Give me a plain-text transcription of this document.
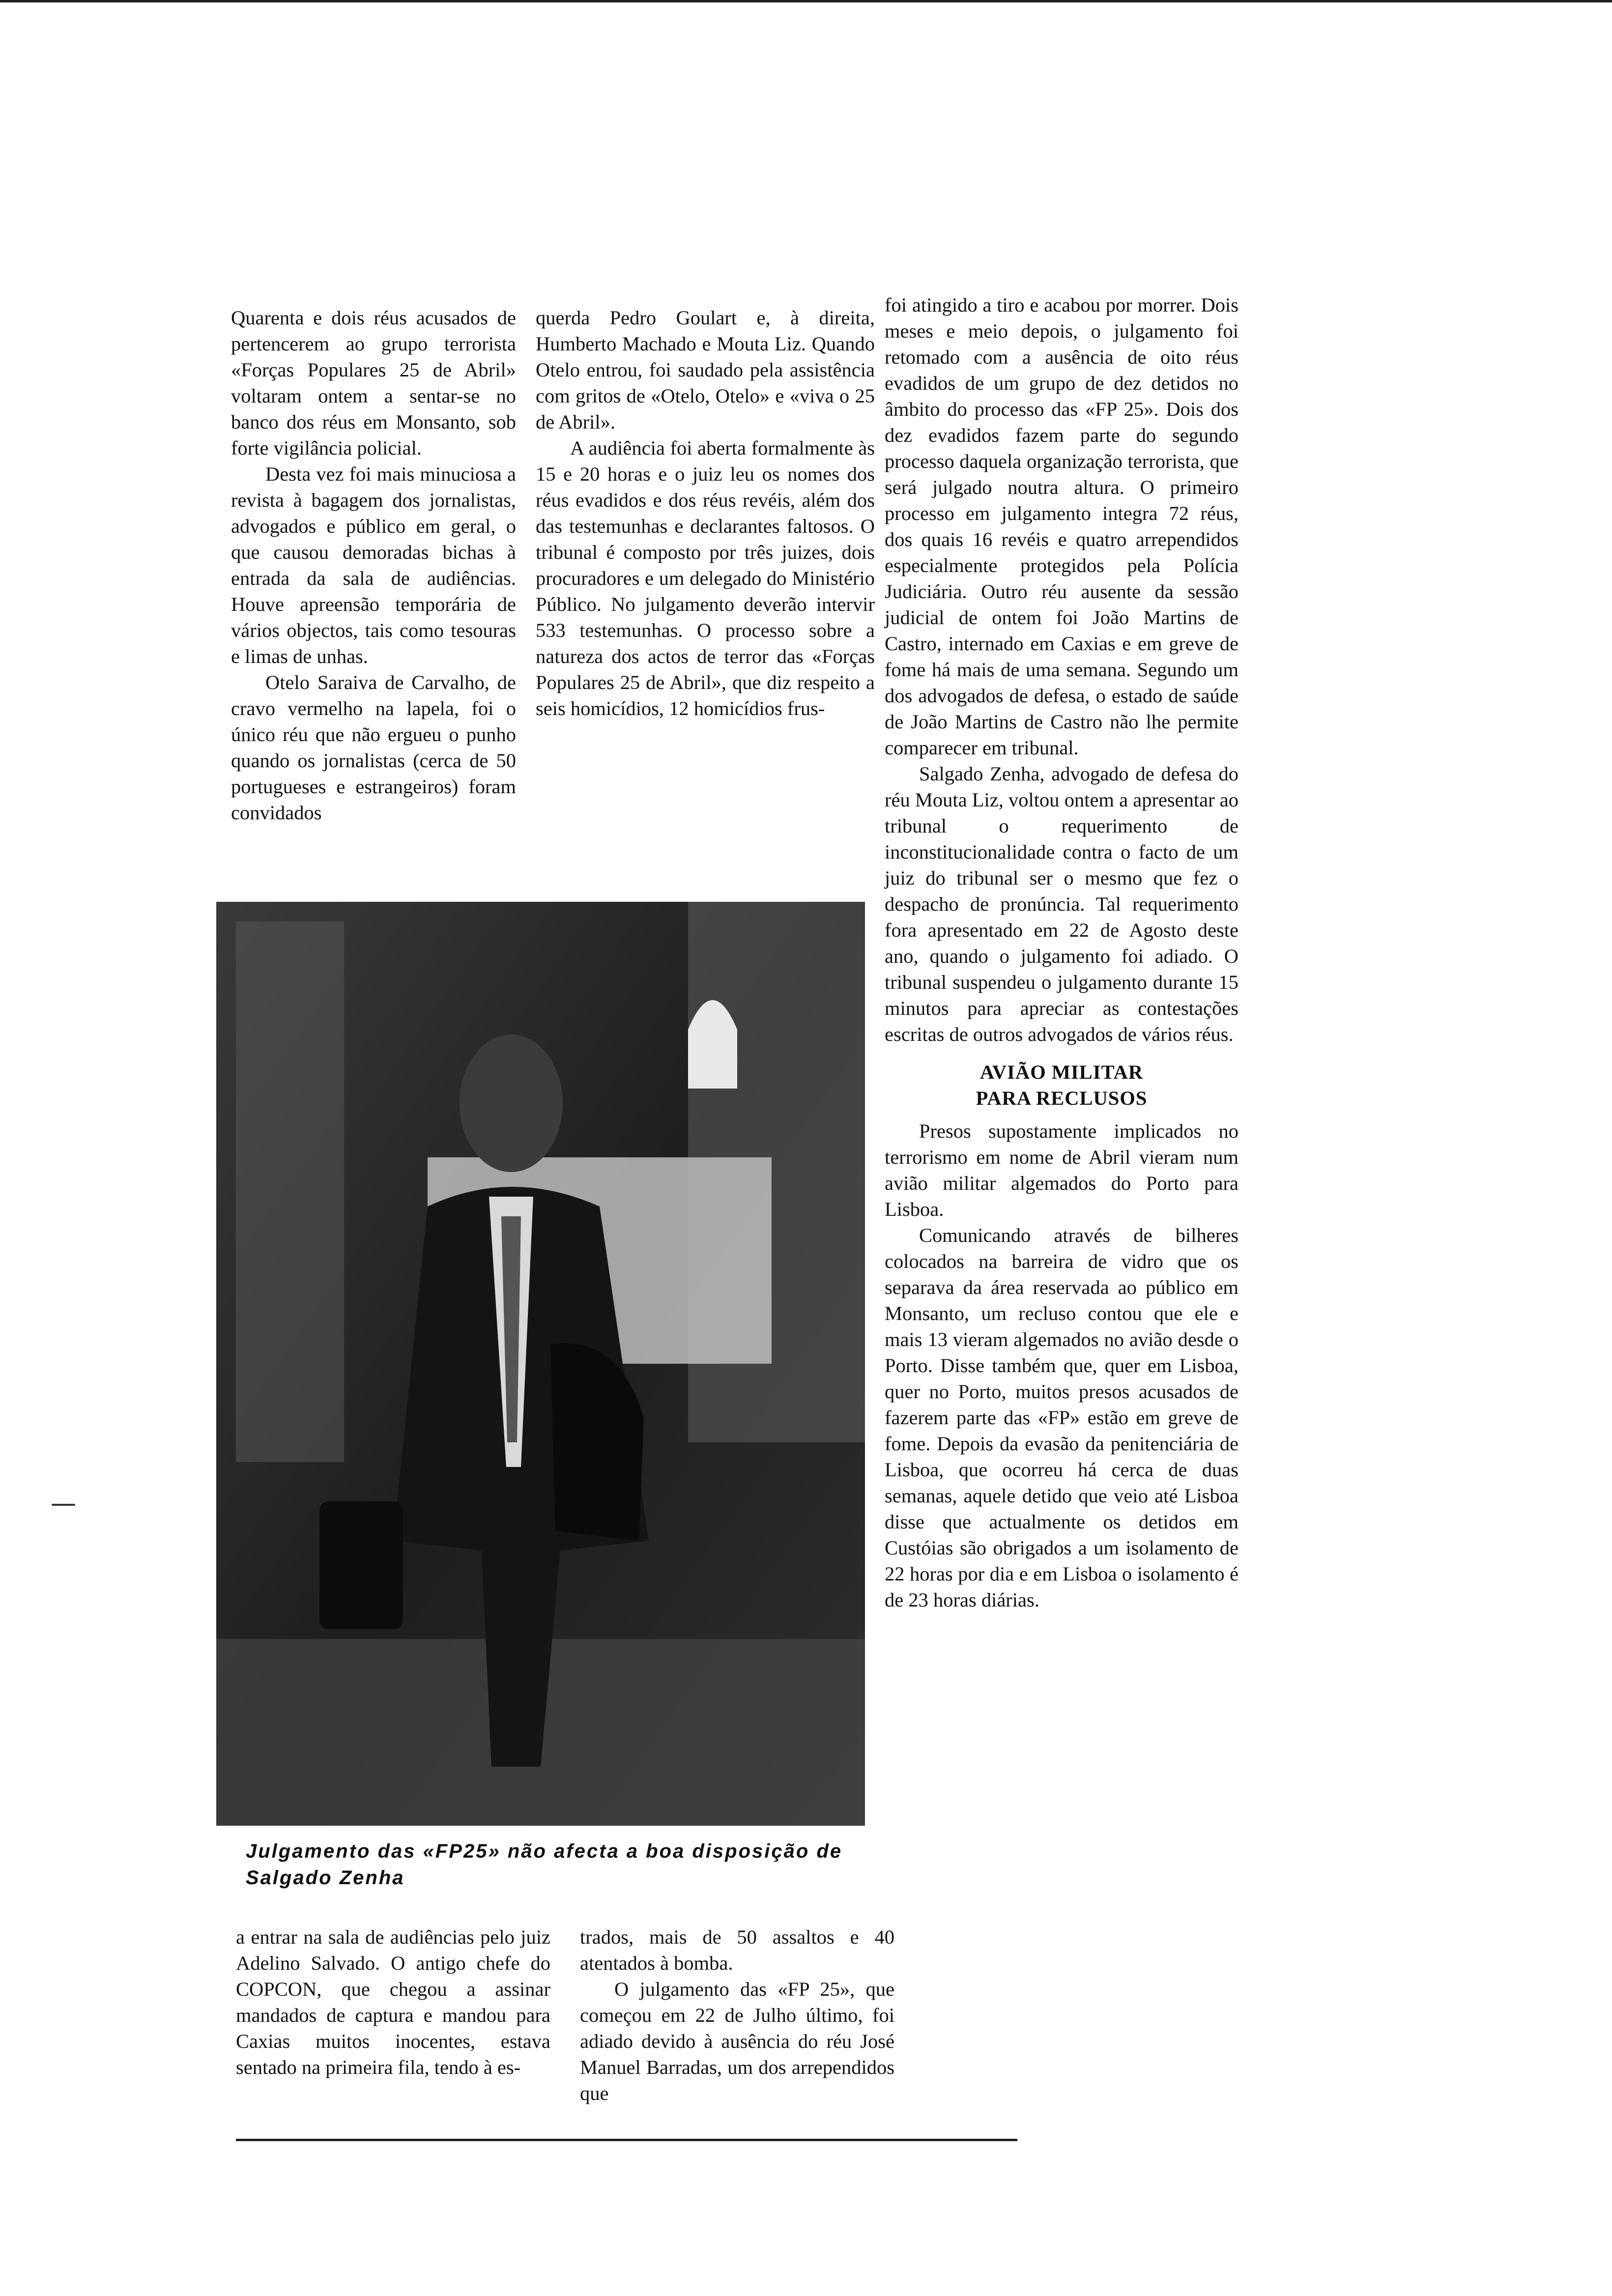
Quarenta e dois réus acusados de pertencerem ao grupo terrorista «Forças Populares 25 de Abril» voltaram ontem a sentar-se no banco dos réus em Monsanto, sob forte vigilância policial.

Desta vez foi mais minuciosa a revista à bagagem dos jornalistas, advogados e público em geral, o que causou demoradas bichas à entrada da sala de audiências. Houve apreensão temporária de vários objectos, tais como tesouras e limas de unhas.

Otelo Saraiva de Carvalho, de cravo vermelho na lapela, foi o único réu que não ergueu o punho quando os jornalistas (cerca de 50 portugueses e estrangeiros) foram convidados

querda Pedro Goulart e, à direita, Humberto Machado e Mouta Liz. Quando Otelo entrou, foi saudado pela assistência com gritos de «Otelo, Otelo» e «viva o 25 de Abril».

A audiência foi aberta formalmente às 15 e 20 horas e o juiz leu os nomes dos réus evadidos e dos réus revéis, além dos das testemunhas e declarantes faltosos. O tribunal é composto por três juizes, dois procuradores e um delegado do Ministério Público. No julgamento deverão intervir 533 testemunhas. O processo sobre a natureza dos actos de terror das «Forças Populares 25 de Abril», que diz respeito a seis homicídios, 12 homicídios frus-

foi atingido a tiro e acabou por morrer. Dois meses e meio depois, o julgamento foi retomado com a ausência de oito réus evadidos de um grupo de dez detidos no âmbito do processo das «FP 25». Dois dos dez evadidos fazem parte do segundo processo daquela organização terrorista, que será julgado noutra altura. O primeiro processo em julgamento integra 72 réus, dos quais 16 revéis e quatro arrependidos especialmente protegidos pela Polícia Judiciária. Outro réu ausente da sessão judicial de ontem foi João Martins de Castro, internado em Caxias e em greve de fome há mais de uma semana. Segundo um dos advogados de defesa, o estado de saúde de João Martins de Castro não lhe permite comparecer em tribunal.

Salgado Zenha, advogado de defesa do réu Mouta Liz, voltou ontem a apresentar ao tribunal o requerimento de inconstitucionalidade contra o facto de um juiz do tribunal ser o mesmo que fez o despacho de pronúncia. Tal requerimento fora apresentado em 22 de Agosto deste ano, quando o julgamento foi adiado. O tribunal suspendeu o julgamento durante 15 minutos para apreciar as contestações escritas de outros advogados de vários réus.

AVIÃO MILITAR
PARA RECLUSOS

Presos supostamente implicados no terrorismo em nome de Abril vieram num avião militar algemados do Porto para Lisboa.

Comunicando através de bilheres colocados na barreira de vidro que os separava da área reservada ao público em Monsanto, um recluso contou que ele e mais 13 vieram algemados no avião desde o Porto. Disse também que, quer em Lisboa, quer no Porto, muitos presos acusados de fazerem parte das «FP» estão em greve de fome. Depois da evasão da penitenciária de Lisboa, que ocorreu há cerca de duas semanas, aquele detido que veio até Lisboa disse que actualmente os detidos em Custóias são obrigados a um isolamento de 22 horas por dia e em Lisboa o isolamento é de 23 horas diárias.

Julgamento das «FP25» não afecta a boa disposição de
Salgado Zenha

a entrar na sala de audiências pelo juiz Adelino Salvado. O antigo chefe do COPCON, que chegou a assinar mandados de captura e mandou para Caxias muitos inocentes, estava sentado na primeira fila, tendo à es-

trados, mais de 50 assaltos e 40 atentados à bomba.

O julgamento das «FP 25», que começou em 22 de Julho último, foi adiado devido à ausência do réu José Manuel Barradas, um dos arrependidos que
